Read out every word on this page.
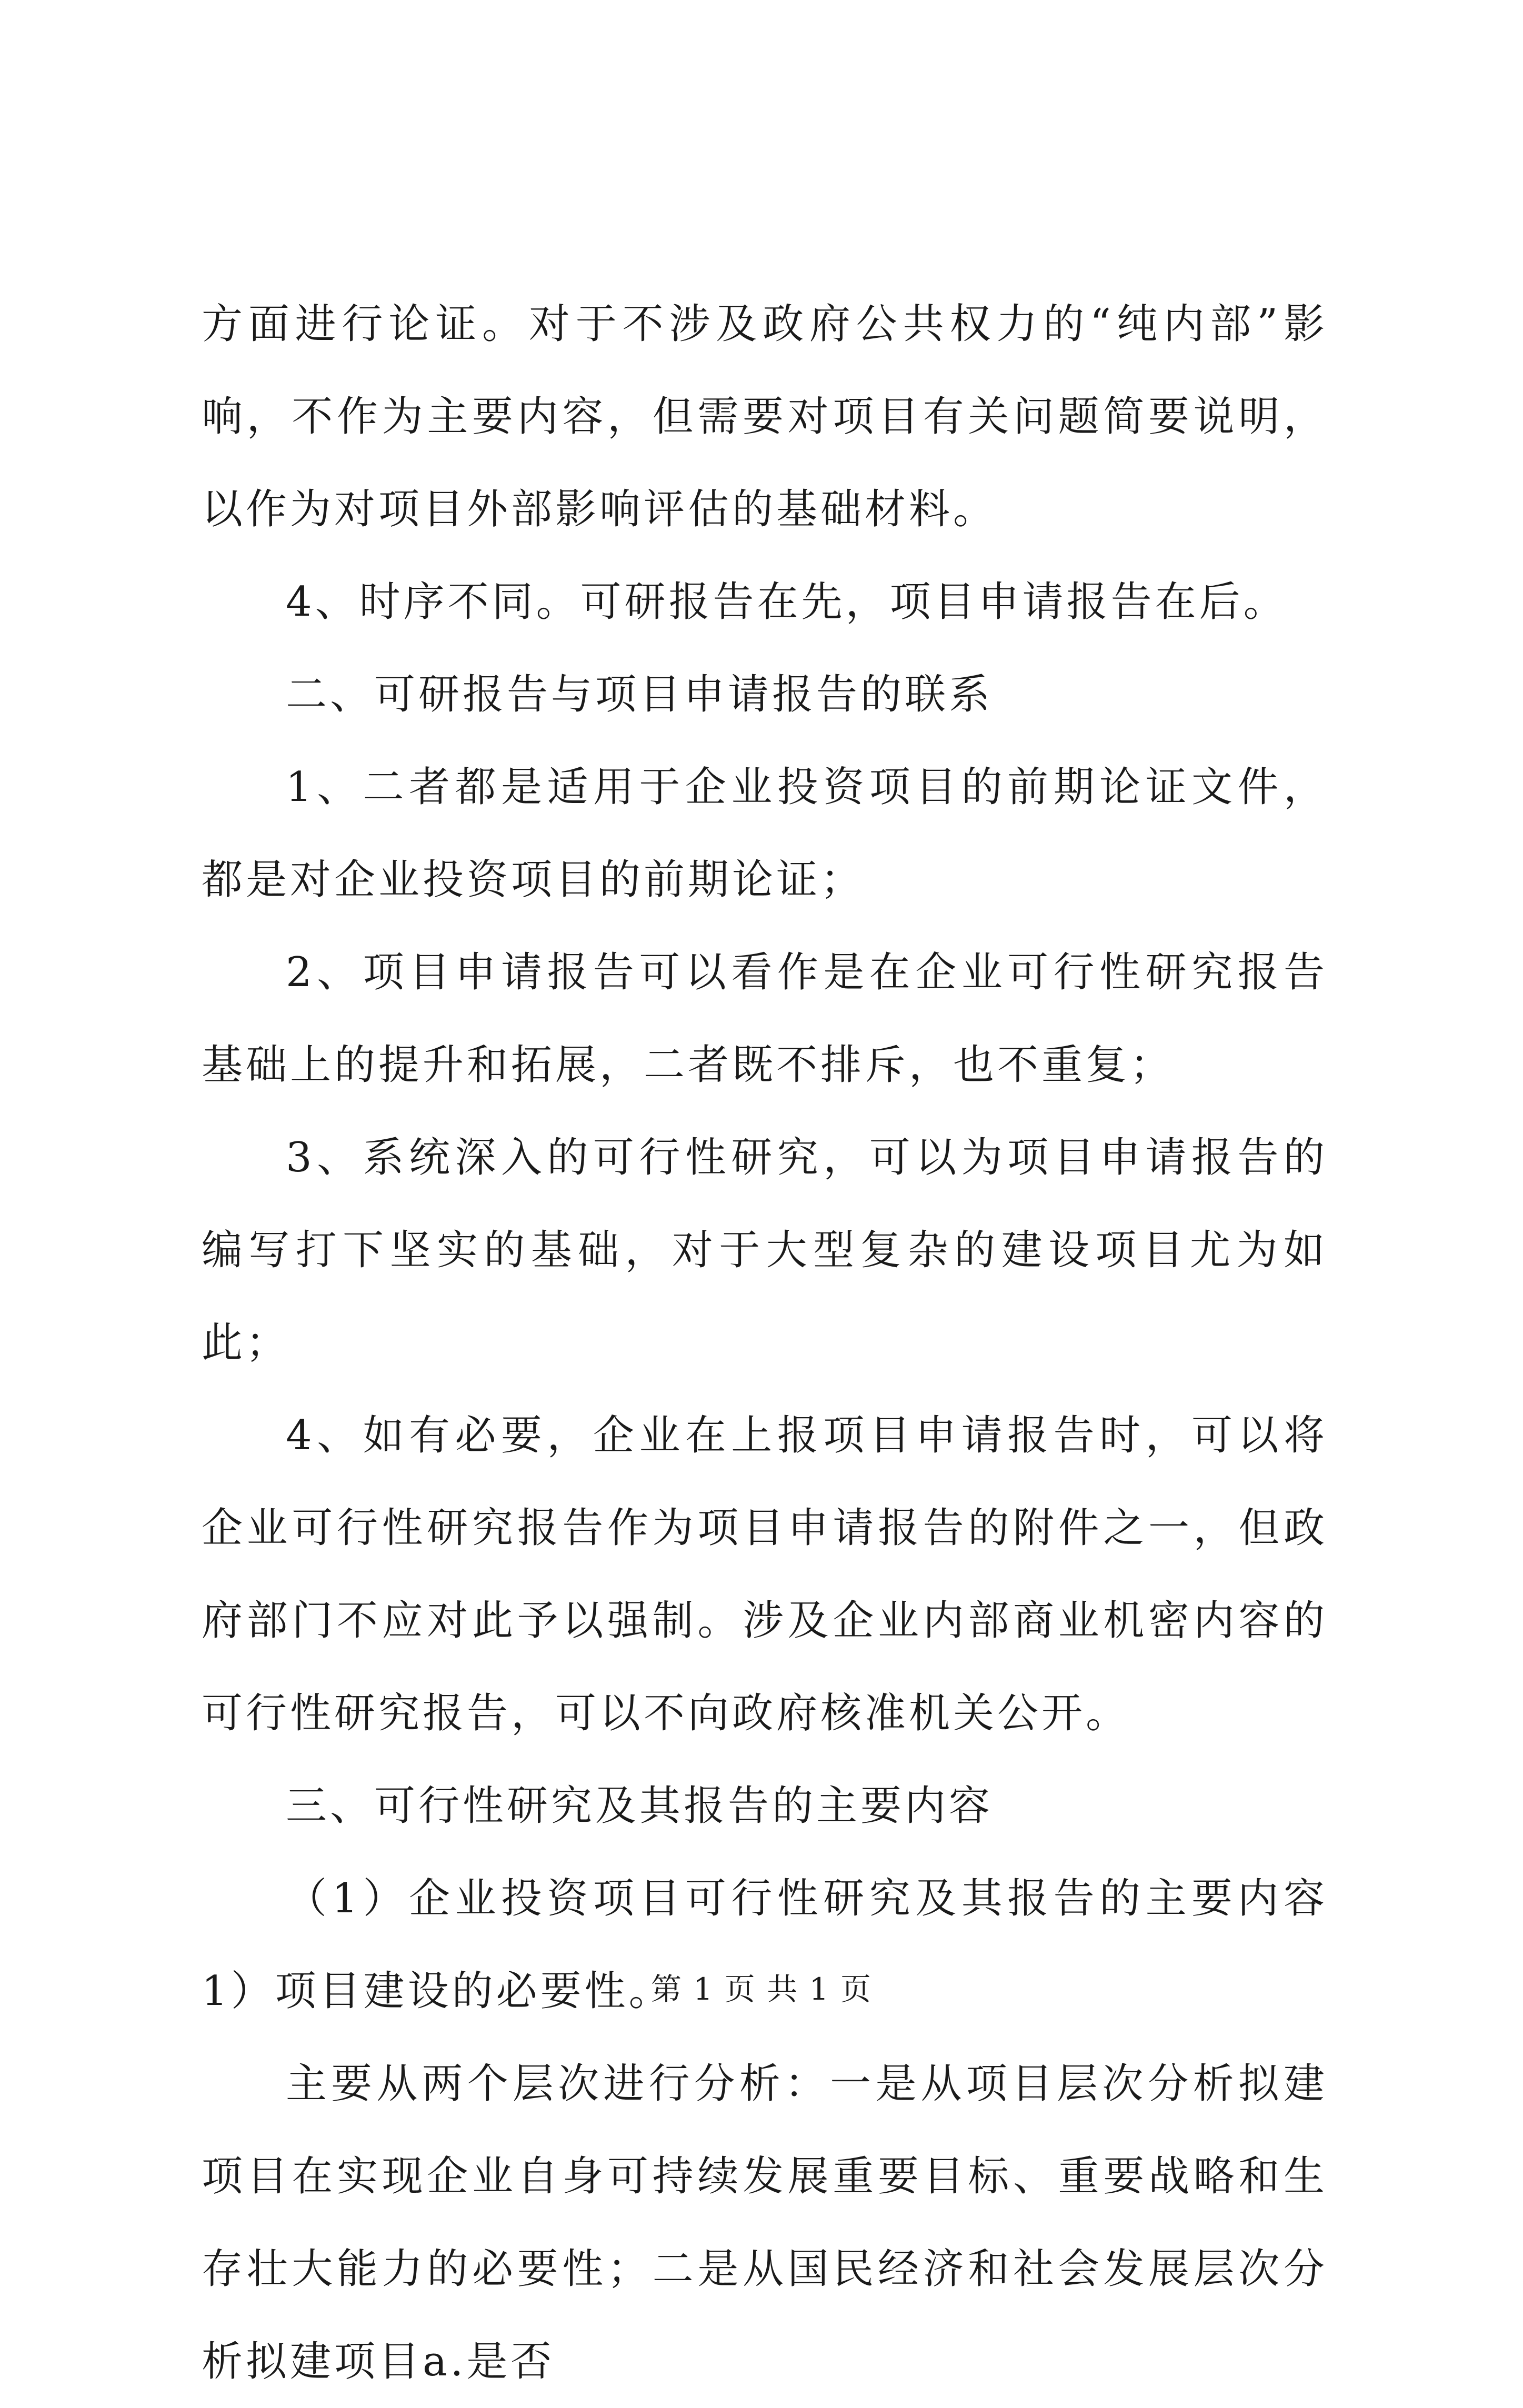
方面进行论证。对于不涉及政府公共权力的“纯内部”影响，不作为主要内容，但需要对项目有关问题简要说明，以作为对项目外部影响评估的基础材料。

4、时序不同。可研报告在先，项目申请报告在后。

二、可研报告与项目申请报告的联系

1、二者都是适用于企业投资项目的前期论证文件，都是对企业投资项目的前期论证；

2、项目申请报告可以看作是在企业可行性研究报告基础上的提升和拓展，二者既不排斥，也不重复；

3、系统深入的可行性研究，可以为项目申请报告的编写打下坚实的基础，对于大型复杂的建设项目尤为如此；

4、如有必要，企业在上报项目申请报告时，可以将企业可行性研究报告作为项目申请报告的附件之一，但政府部门不应对此予以强制。涉及企业内部商业机密内容的可行性研究报告，可以不向政府核准机关公开。

三、可行性研究及其报告的主要内容

（1）企业投资项目可行性研究及其报告的主要内容1）项目建设的必要性。

主要从两个层次进行分析：一是从项目层次分析拟建项目在实现企业自身可持续发展重要目标、重要战略和生存壮大能力的必要性；二是从国民经济和社会发展层次分析拟建项目a.是否

第 1 页 共 1 页
